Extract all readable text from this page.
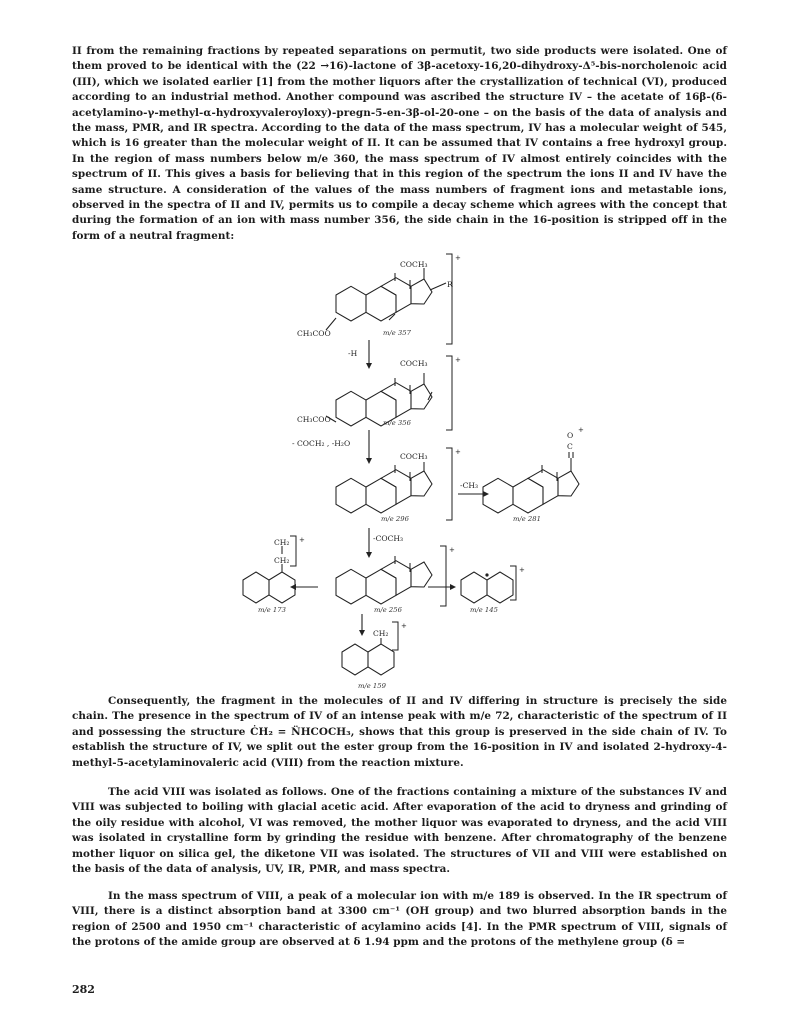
II from the remaining fractions by repeated separations on permutit, two side products were isolated. One of them proved to be identical with the (22 →16)-lactone of 3β-acetoxy-16,20-dihydroxy-Δ⁵-bis-norcholenoic acid (III), which we isolated earlier [1] from the mother liquors after the crystallization of technical (VI), produced according to an industrial method. Another compound was ascribed the structure IV – the acetate of 16β-(δ-acetylamino-γ-methyl-α-hydroxyvaleroyloxy)-pregn-5-en-3β-ol-20-one – on the basis of the data of analysis and the mass, PMR, and IR spectra. According to the data of the mass spectrum, IV has a molecular weight of 545, which is 16 greater than the molecular weight of II. It can be assumed that IV contains a free hydroxyl group. In the region of mass numbers below m/e 360, the mass spectrum of IV almost entirely coincides with the spectrum of II. This gives a basis for believing that in this region of the spectrum the ions II and IV have the same structure. A consideration of the values of the mass numbers of fragment ions and metastable ions, observed in the spectra of II and IV, permits us to compile a decay scheme which agrees with the concept that during the formation of an ion with mass number 356, the side chain in the 16-position is stripped off in the form of a neutral fragment:
COCH₃
R
CH₃COO
+
m/e 357
-H
COCH₃
CH₃COO
+
m/e 356
- COCH₂ , -H₂O
COCH₃	+
m/e 296
-CH₃
C
O
+
m/e 281
-COCH₃
+
m/e 256
CH₂
CH₂ +
m/e 173
+
m/e 145
CH₂
+
m/e 159
Consequently, the fragment in the molecules of II and IV differing in structure is precisely the side chain. The presence in the spectrum of IV of an intense peak with m/e 72, characteristic of the spectrum of II and possessing the structure ĊH₂ = N̈HCOCH₃, shows that this group is preserved in the side chain of IV. To establish the structure of IV, we split out the ester group from the 16-position in IV and isolated 2-hydroxy-4-methyl-5-acetylaminovaleric acid (VIII) from the reaction mixture.
The acid VIII was isolated as follows. One of the fractions containing a mixture of the substances IV and VIII was subjected to boiling with glacial acetic acid. After evaporation of the acid to dryness and grinding of the oily residue with alcohol, VI was removed, the mother liquor was evaporated to dryness, and the acid VIII was isolated in crystalline form by grinding the residue with benzene. After chromatography of the benzene mother liquor on silica gel, the diketone VII was isolated. The structures of VII and VIII were established on the basis of the data of analysis, UV, IR, PMR, and mass spectra.
In the mass spectrum of VIII, a peak of a molecular ion with m/e 189 is observed. In the IR spectrum of VIII, there is a distinct absorption band at 3300 cm⁻¹ (OH group) and two blurred absorption bands in the region of 2500 and 1950 cm⁻¹ characteristic of acylamino acids [4]. In the PMR spectrum of VIII, signals of the protons of the amide group are observed at δ 1.94 ppm and the protons of the methylene group (δ =
282
